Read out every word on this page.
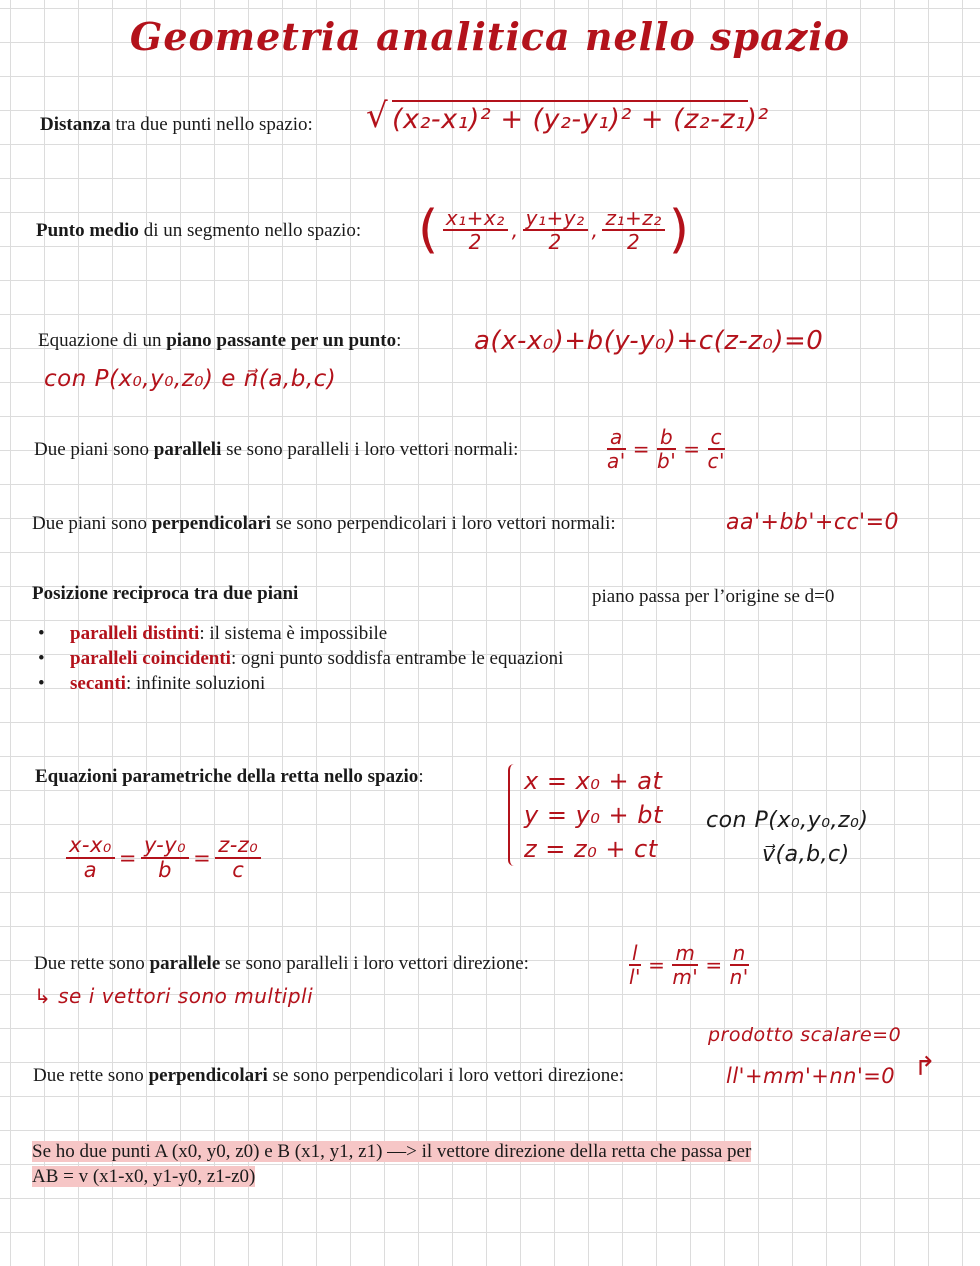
Geometria analitica nello spazio
Distanza tra due punti nello spazio: √ (x₂-x₁)² + (y₂-y₁)² + (z₂-z₁)²
Punto medio di un segmento nello spazio: ( $\frac{\text{x₁+x₂}}{2}$ , $\frac{\text{y₁+y₂}}{2}$ , $\frac{\text{z₁+z₂}}{2}$ )
Equazione di un piano passante per un punto:	a(x-x₀)+b(y-y₀)+c(z-z₀)=0
con P(x₀,y₀,z₀) e n⃗(a,b,c)
Due piani sono paralleli se sono paralleli i loro vettori normali:	$\frac{a}{a'} = \frac{b}{b'} = \frac{c}{c'}$
Due piani sono perpendicolari se sono perpendicolari i loro vettori normali:	aa'+bb'+cc'=0
Posizione reciproca tra due piani	piano passa per l’origine se d=0
• paralleli distinti: il sistema è impossibile
• paralleli coincidenti: ogni punto soddisfa entrambe le equazioni
• secanti: infinite soluzioni
Equazioni parametriche della retta nello spazio:	x = x₀ + at
y = y₀ + bt
z = z₀ + ct
con P(x₀,y₀,z₀)
v⃗(a,b,c)
$\frac{\text{x-x₀}}{a} = \frac{\text{y-y₀}}{b} = \frac{\text{z-z₀}}{c}$
Due rette sono parallele se sono paralleli i loro vettori direzione:
↳ se i vettori sono multipli
$\frac{l}{l'} = \frac{m}{m'} = \frac{n}{n'}$
prodotto scalare=0
Due rette sono perpendicolari se sono perpendicolari i loro vettori direzione:	ll'+mm'+nn'=0 ↱
Se ho due punti A (x0, y0, z0) e B (x1, y1, z1) —> il vettore direzione della retta che passa per
AB = v (x1-x0, y1-y0, z1-z0)
